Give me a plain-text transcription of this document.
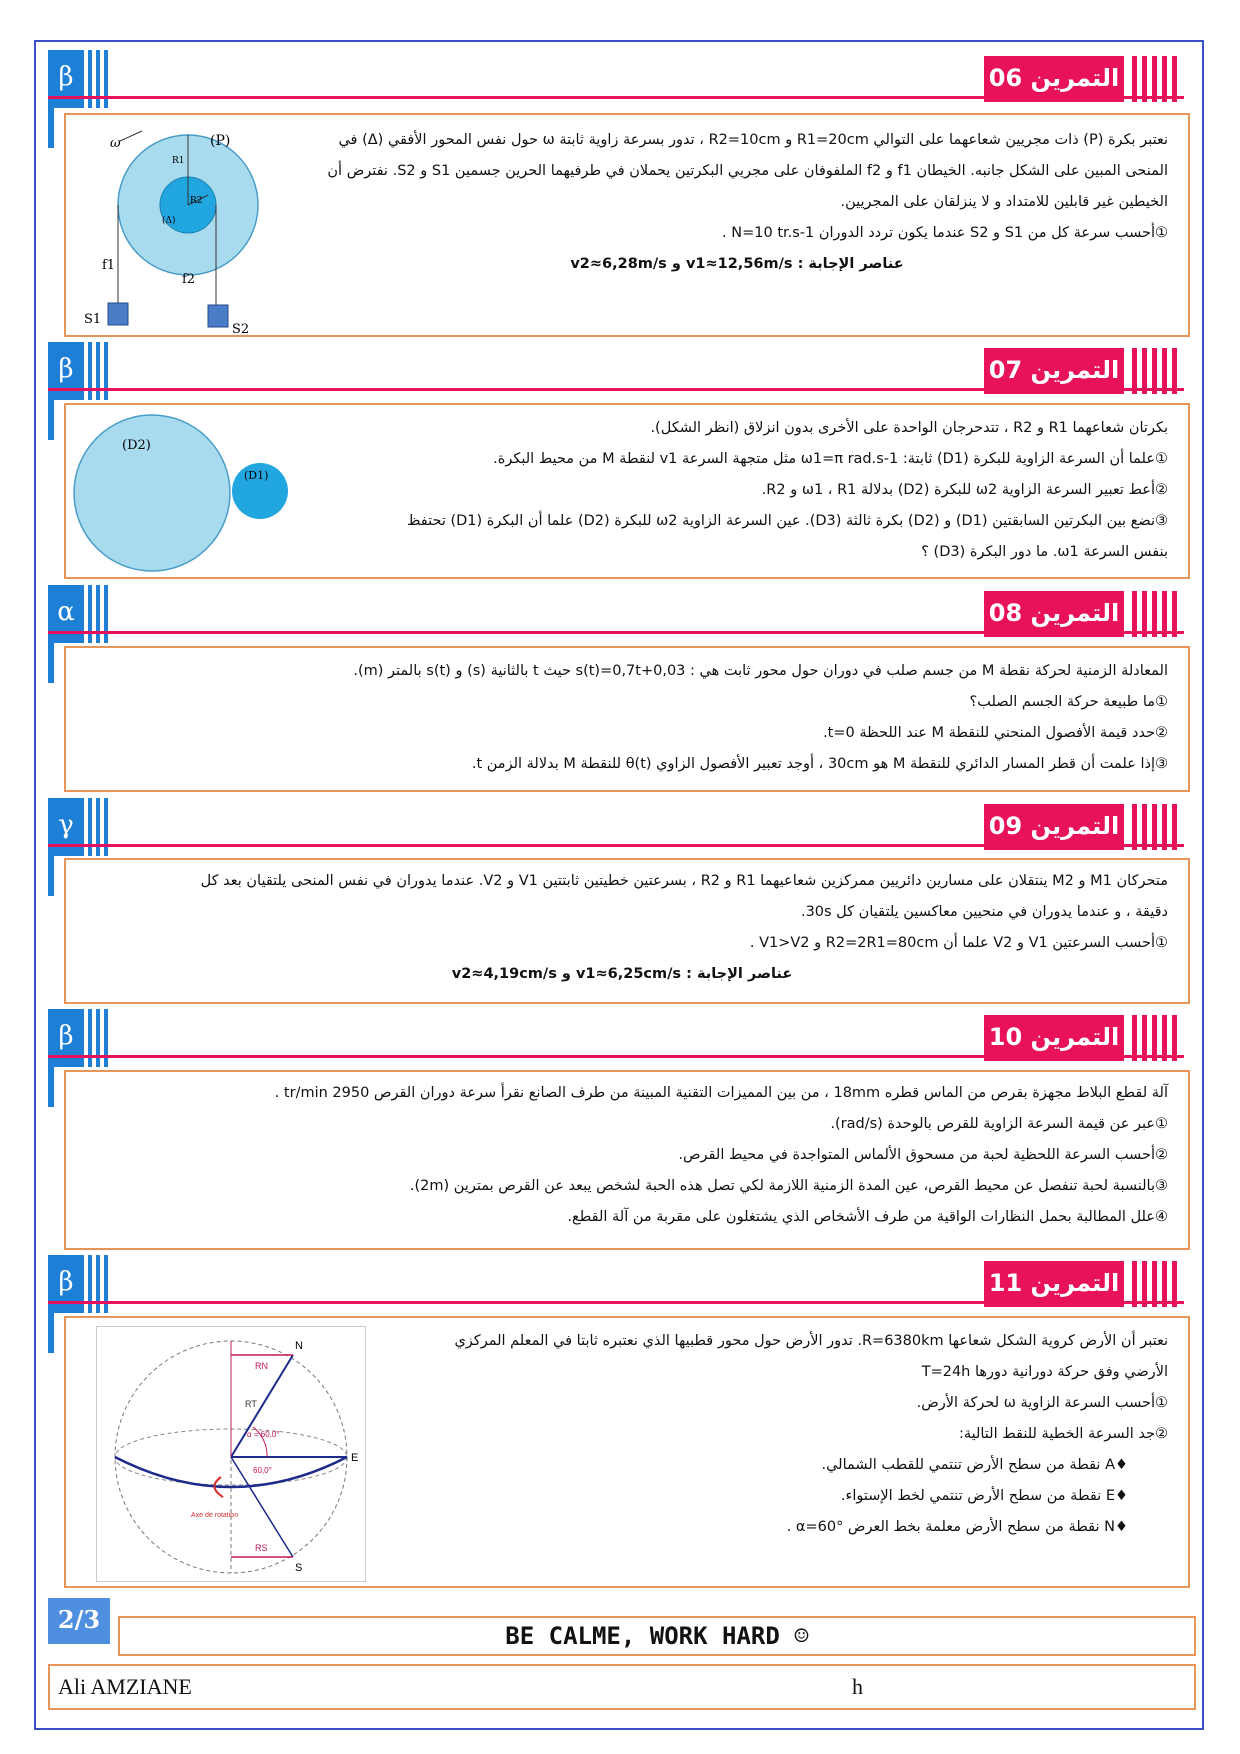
β	التمرين 06
(P)
ω
R1
R2
(Δ)
f1
f2
S1
S2

نعتبر بكرة (P) ذات مجريين شعاعهما على التوالي R1=20cm و R2=10cm ، تدور بسرعة زاوية ثابتة ω حول نفس المحور الأفقي (Δ) في

المنحى المبين على الشكل جانبه. الخيطان f1 و f2 الملفوفان على مجريي البكرتين يحملان في طرفيهما الحرين جسمين S1 و S2. نفترض أن

الخيطين غير قابلين للامتداد و لا ينزلقان على المجريين.

①أحسب سرعة كل من S1 و S2 عندما يكون تردد الدوران N=10 tr.s-1 .

عناصر الإجابة : v1≈12,56m/s و v2≈6,28m/s

β	التمرين 07
(D2)
(D1)

بكرتان شعاعهما R1 و R2 ، تتدحرجان الواحدة على الأخرى بدون انزلاق (انظر الشكل).

①علما أن السرعة الزاوية للبكرة (D1) ثابتة: ω1=π rad.s-1 مثل متجهة السرعة v1 لنقطة M من محيط البكرة.

②أعط تعبير السرعة الزاوية ω2 للبكرة (D2) بدلالة ω1 ، R1 و R2.

③نضع بين البكرتين السابقتين (D1) و (D2) بكرة ثالثة (D3). عين السرعة الزاوية ω2 للبكرة (D2) علما أن البكرة (D1) تحتفظ

بنفس السرعة ω1. ما دور البكرة (D3) ؟

α	التمرين 08

المعادلة الزمنية لحركة نقطة M من جسم صلب في دوران حول محور ثابت هي : s(t)=0,7t+0,03 حيث t بالثانية (s) و s(t) بالمتر (m).

①ما طبيعة حركة الجسم الصلب؟

②حدد قيمة الأفصول المنحني للنقطة M عند اللحظة t=0.

③إذا علمت أن قطر المسار الدائري للنقطة M هو 30cm ، أوجد تعبير الأفصول الزاوي θ(t) للنقطة M بدلالة الزمن t.

γ	التمرين 09

متحركان M1 و M2 ينتقلان على مسارين دائريين ممركزين شعاعيهما R1 و R2 ، بسرعتين خطيتين ثابتتين V1 و V2. عندما يدوران في نفس المنحى يلتقيان بعد كل

دقيقة ، و عندما يدوران في منحيين معاكسين يلتقيان كل 30s.

①أحسب السرعتين V1 و V2 علما أن R2=2R1=80cm و V1>V2 .

عناصر الإجابة : v1≈6,25cm/s و v2≈4,19cm/s

β	التمرين 10

آلة لقطع البلاط مجهزة بقرص من الماس قطره 18mm ، من بين المميزات التقنية المبينة من طرف الصانع نقرأ سرعة دوران القرص 2950 tr/min .

①عبر عن قيمة السرعة الزاوية للقرص بالوحدة (rad/s).

②أحسب السرعة اللحظية لحبة من مسحوق الألماس المتواجدة في محيط القرص.

③بالنسبة لحبة تنفصل عن محيط القرص، عين المدة الزمنية اللازمة لكي تصل هذه الحبة لشخص يبعد عن القرص بمترين (2m).

④علل المطالبة بحمل النظارات الواقية من طرف الأشخاص الذي يشتغلون على مقربة من آلة القطع.

β	التمرين 11
N
S
E
RN
RT
RS
α = 60,0°
60,0°
Axe de rotation

نعتبر أن الأرض كروية الشكل شعاعها R=6380km. تدور الأرض حول محور قطبيها الذي نعتبره ثابتا في المعلم المركزي

الأرضي وفق حركة دورانية دورها T=24h

①أحسب السرعة الزاوية ω لحركة الأرض.

②جد السرعة الخطية للنقط التالية:

♦A نقطة من سطح الأرض تنتمي للقطب الشمالي.

♦E نقطة من سطح الأرض تنتمي لخط الإستواء.

♦N نقطة من سطح الأرض معلمة بخط العرض α=60° .

2/3
BE CALME, WORK HARD ☺
Ali AMZIANE	h
